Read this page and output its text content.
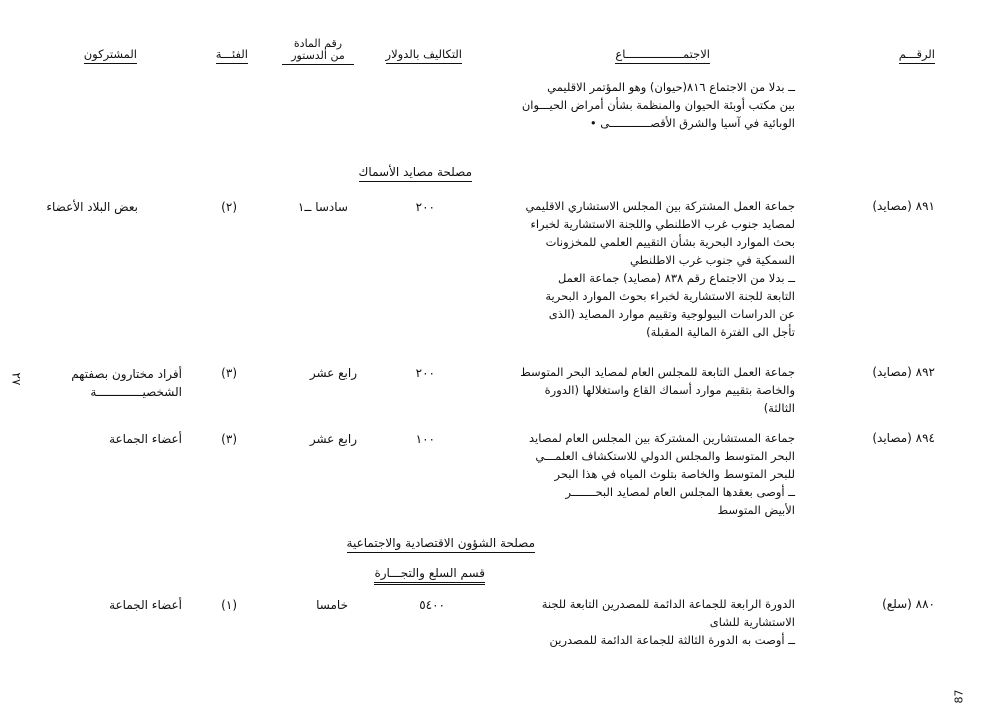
الرقـــم
الاجتمـــــــــــــــــاع
التكاليف بالدولار
رقم المادة
من الدستور
الفئـــة
المشتركون

ــ بدلا من الاجتماع ٨١٦(حيوان) وهو المؤتمر الاقليمي

بين مكتب أوبئة الحيوان والمنظمة بشأن أمراض الحيـــوان

الوبائية في آسيا والشرق الأقصــــــــــــى •

مصلحة مصايد الأسماك
٨٩١ (مصايد)

جماعة العمل المشتركة بين المجلس الاستشاري الاقليمي

لمصايد جنوب غرب الاطلنطي واللجنة الاستشارية لخبراء

بحث الموارد البحرية بشأن التقييم العلمي للمخزونات

السمكية في جنوب غرب الاطلنطي

ــ بدلا من الاجتماع رقم ٨٣٨ (مصايد) جماعة العمل

التابعة للجنة الاستشارية لخبراء بحوث الموارد البحرية

عن الدراسات البيولوجية وتقييم موارد المصايد (الذى

تأجل الى الفترة المالية المقبلة)

٢٠٠
سادسا ــ١
(٢)
بعض البلاد الأعضاء
٨٩٢ (مصايد)

جماعة العمل التابعة للمجلس العام لمصايد البحر المتوسط

والخاصة بتقييم موارد أسماك القاع واستغلالها (الدورة

الثالثة)

٢٠٠
رابع عشر
(٣)
أفراد مختارون بصفتهم
الشخصيـــــــــــــة
٨٩٤ (مصايد)

جماعة المستشارين المشتركة بين المجلس العام لمصايد

البحر المتوسط والمجلس الدولي للاستكشاف العلمـــي

للبحر المتوسط والخاصة بتلوث المياه في هذا البحر

ــ أوصى بعقدها المجلس العام لمصايد البحـــــــر

الأبيض المتوسط

١٠٠
رابع عشر
(٣)
أعضاء الجماعة
مصلحة الشؤون الاقتصادية والاجتماعية
قسم السلع والتجـــارة
٨٨٠ (سلع)

الدورة الرابعة للجماعة الدائمة للمصدرين التابعة للجنة

الاستشارية للشاى

ــ أوصت به الدورة الثالثة للجماعة الدائمة للمصدرين

٥٤٠٠
خامسا
(١)
أعضاء الجماعة
٢٧
87
